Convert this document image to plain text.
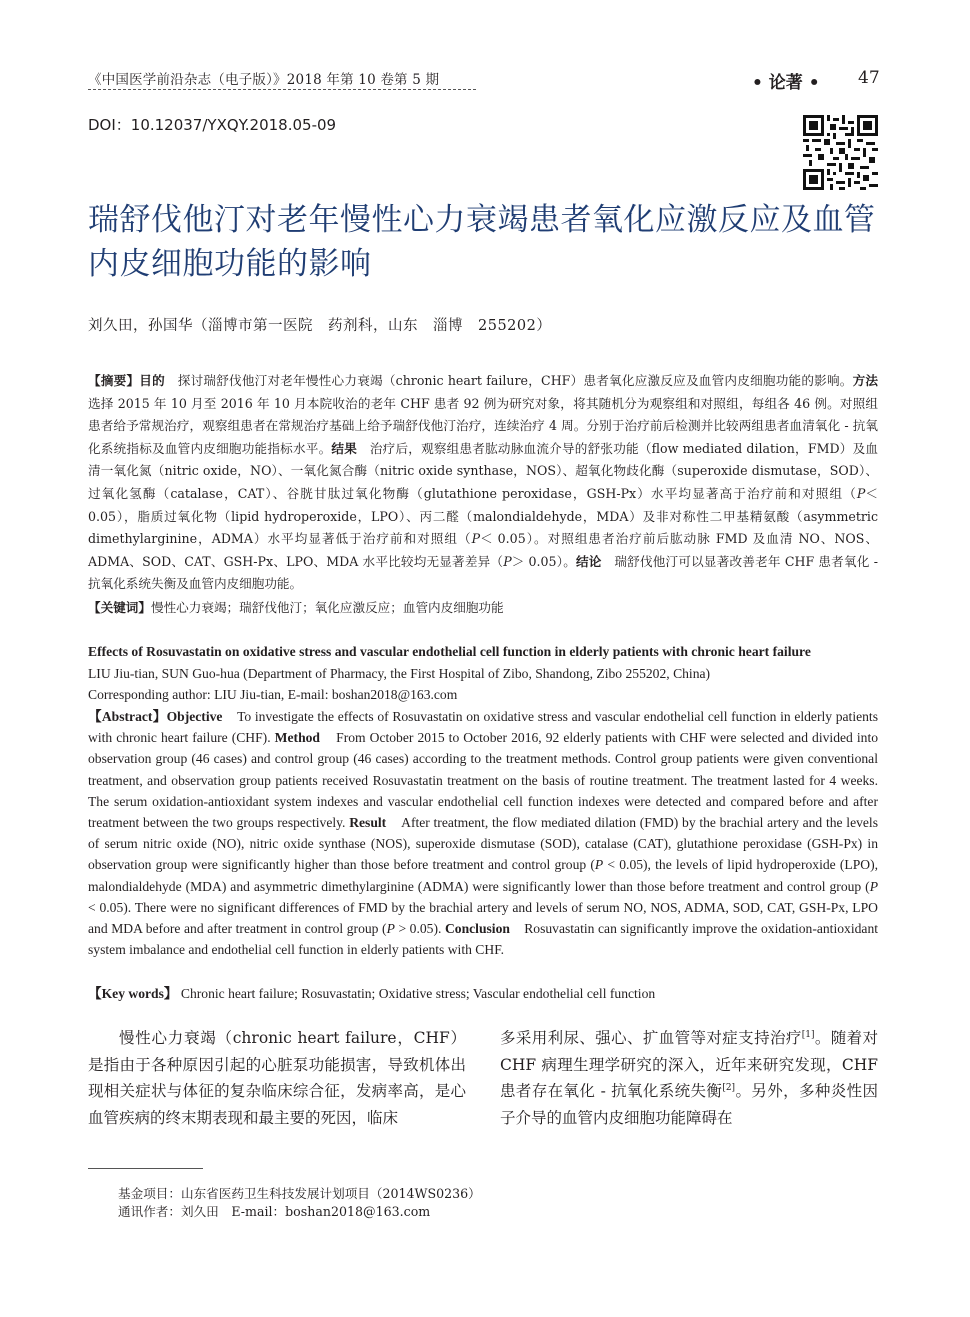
《中国医学前沿杂志（电子版）》2018 年第 10 卷第 5 期	• 论著 • 47
DOI：10.12037/YXQY.2018.05-09
瑞舒伐他汀对老年慢性心力衰竭患者氧化应激反应及血管内皮细胞功能的影响
刘久田，孙国华（淄博市第一医院　药剂科，山东　淄博　255202）
【摘要】目的　 探讨瑞舒伐他汀对老年慢性心力衰竭（chronic heart failure，CHF）患者氧化应激反应及血管内皮细胞功能的影响。方法　选择 2015 年 10 月至 2016 年 10 月本院收治的老年 CHF 患者 92 例为研究对象，将其随机分为观察组和对照组，每组各 46 例。对照组患者给予常规治疗，观察组患者在常规治疗基础上给予瑞舒伐他汀治疗，连续治疗 4 周。分别于治疗前后检测并比较两组患者血清氧化 - 抗氧化系统指标及血管内皮细胞功能指标水平。结果　 治疗后，观察组患者肱动脉血流介导的舒张功能（flow mediated dilation，FMD）及血清一氧化氮（nitric oxide，NO）、一氧化氮合酶（nitric oxide synthase，NOS）、超氧化物歧化酶（superoxide dismutase，SOD）、过氧化氢酶（catalase，CAT）、谷胱甘肽过氧化物酶（glutathione peroxidase，GSH-Px）水平均显著高于治疗前和对照组（P＜ 0.05），脂质过氧化物（lipid hydroperoxide，LPO）、丙二醛（malondialdehyde，MDA）及非对称性二甲基精氨酸（asymmetric dimethylarginine，ADMA）水平均显著低于治疗前和对照组（P＜ 0.05）。对照组患者治疗前后肱动脉 FMD 及血清 NO、NOS、ADMA、SOD、CAT、GSH-Px、LPO、MDA 水平比较均无显著差异（P＞ 0.05）。结论　 瑞舒伐他汀可以显著改善老年 CHF 患者氧化 - 抗氧化系统失衡及血管内皮细胞功能。
【关键词】慢性心力衰竭；瑞舒伐他汀；氧化应激反应；血管内皮细胞功能
Effects of Rosuvastatin on oxidative stress and vascular endothelial cell function in elderly patients with chronic heart failure
LIU Jiu-tian, SUN Guo-hua (Department of Pharmacy, the First Hospital of Zibo, Shandong, Zibo 255202, China)
Corresponding author: LIU Jiu-tian, E-mail: boshan2018@163.com
【Abstract】Objective To investigate the effects of Rosuvastatin on oxidative stress and vascular endothelial cell function in elderly patients with chronic heart failure (CHF). Method From October 2015 to October 2016, 92 elderly patients with CHF were selected and divided into observation group (46 cases) and control group (46 cases) according to the treatment methods. Control group patients were given conventional treatment, and observation group patients received Rosuvastatin treatment on the basis of routine treatment. The treatment lasted for 4 weeks. The serum oxidation-antioxidant system indexes and vascular endothelial cell function indexes were detected and compared before and after treatment between the two groups respectively. Result After treatment, the flow mediated dilation (FMD) by the brachial artery and the levels of serum nitric oxide (NO), nitric oxide synthase (NOS), superoxide dismutase (SOD), catalase (CAT), glutathione peroxidase (GSH-Px) in observation group were significantly higher than those before treatment and control group (P < 0.05), the levels of lipid hydroperoxide (LPO), malondialdehyde (MDA) and asymmetric dimethylarginine (ADMA) were significantly lower than those before treatment and control group (P < 0.05). There were no significant differences of FMD by the brachial artery and levels of serum NO, NOS, ADMA, SOD, CAT, GSH-Px, LPO and MDA before and after treatment in control group (P > 0.05). Conclusion Rosuvastatin can significantly improve the oxidation-antioxidant system imbalance and endothelial cell function in elderly patients with CHF.
【Key words】 Chronic heart failure; Rosuvastatin; Oxidative stress; Vascular endothelial cell function
慢性心力衰竭（chronic heart failure，CHF）是指由于各种原因引起的心脏泵功能损害，导致机体出现相关症状与体征的复杂临床综合征，发病率高，是心血管疾病的终末期表现和最主要的死因，临床
多采用利尿、强心、扩血管等对症支持治疗[1]。随着对 CHF 病理生理学研究的深入，近年来研究发现，CHF 患者存在氧化 - 抗氧化系统失衡[2]。另外，多种炎性因子介导的血管内皮细胞功能障碍在
基金项目：山东省医药卫生科技发展计划项目（2014WS0236）
通讯作者：刘久田　E-mail：boshan2018@163.com
